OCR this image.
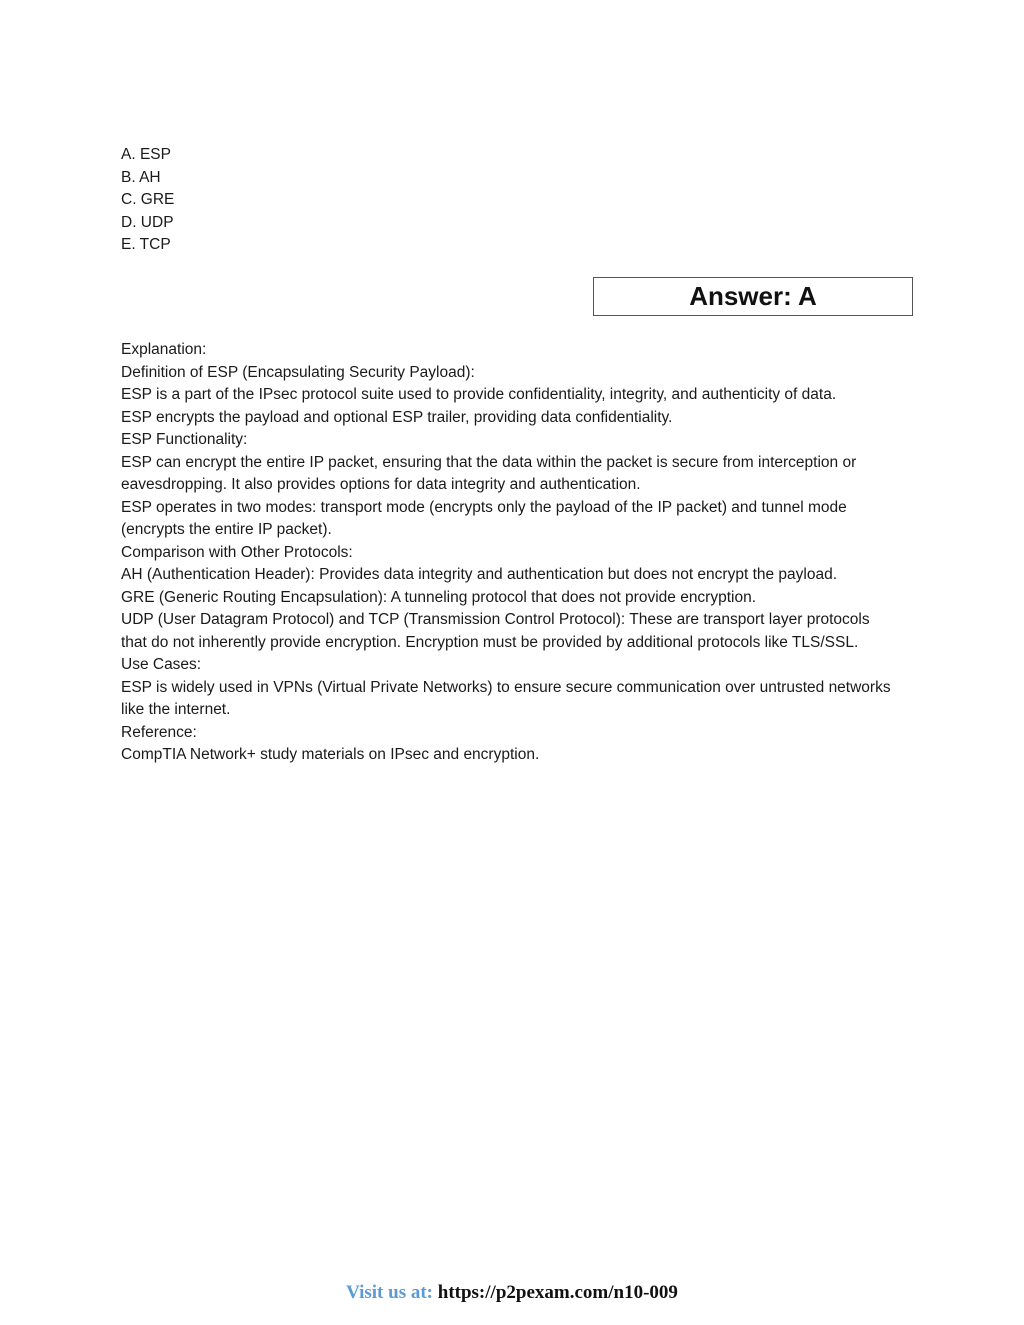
A. ESP
B. AH
C. GRE
D. UDP
E. TCP
Answer: A

Explanation:

Definition of ESP (Encapsulating Security Payload):

ESP is a part of the IPsec protocol suite used to provide confidentiality, integrity, and authenticity of data.

ESP encrypts the payload and optional ESP trailer, providing data confidentiality.

ESP Functionality:

ESP can encrypt the entire IP packet, ensuring that the data within the packet is secure from interception or eavesdropping. It also provides options for data integrity and authentication.

ESP operates in two modes: transport mode (encrypts only the payload of the IP packet) and tunnel mode (encrypts the entire IP packet).

Comparison with Other Protocols:

AH (Authentication Header): Provides data integrity and authentication but does not encrypt the payload.

GRE (Generic Routing Encapsulation): A tunneling protocol that does not provide encryption.

UDP (User Datagram Protocol) and TCP (Transmission Control Protocol): These are transport layer protocols that do not inherently provide encryption. Encryption must be provided by additional protocols like TLS/SSL.

Use Cases:

ESP is widely used in VPNs (Virtual Private Networks) to ensure secure communication over untrusted networks like the internet.

Reference:

CompTIA Network+ study materials on IPsec and encryption.

Visit us at: https://p2pexam.com/n10-009
